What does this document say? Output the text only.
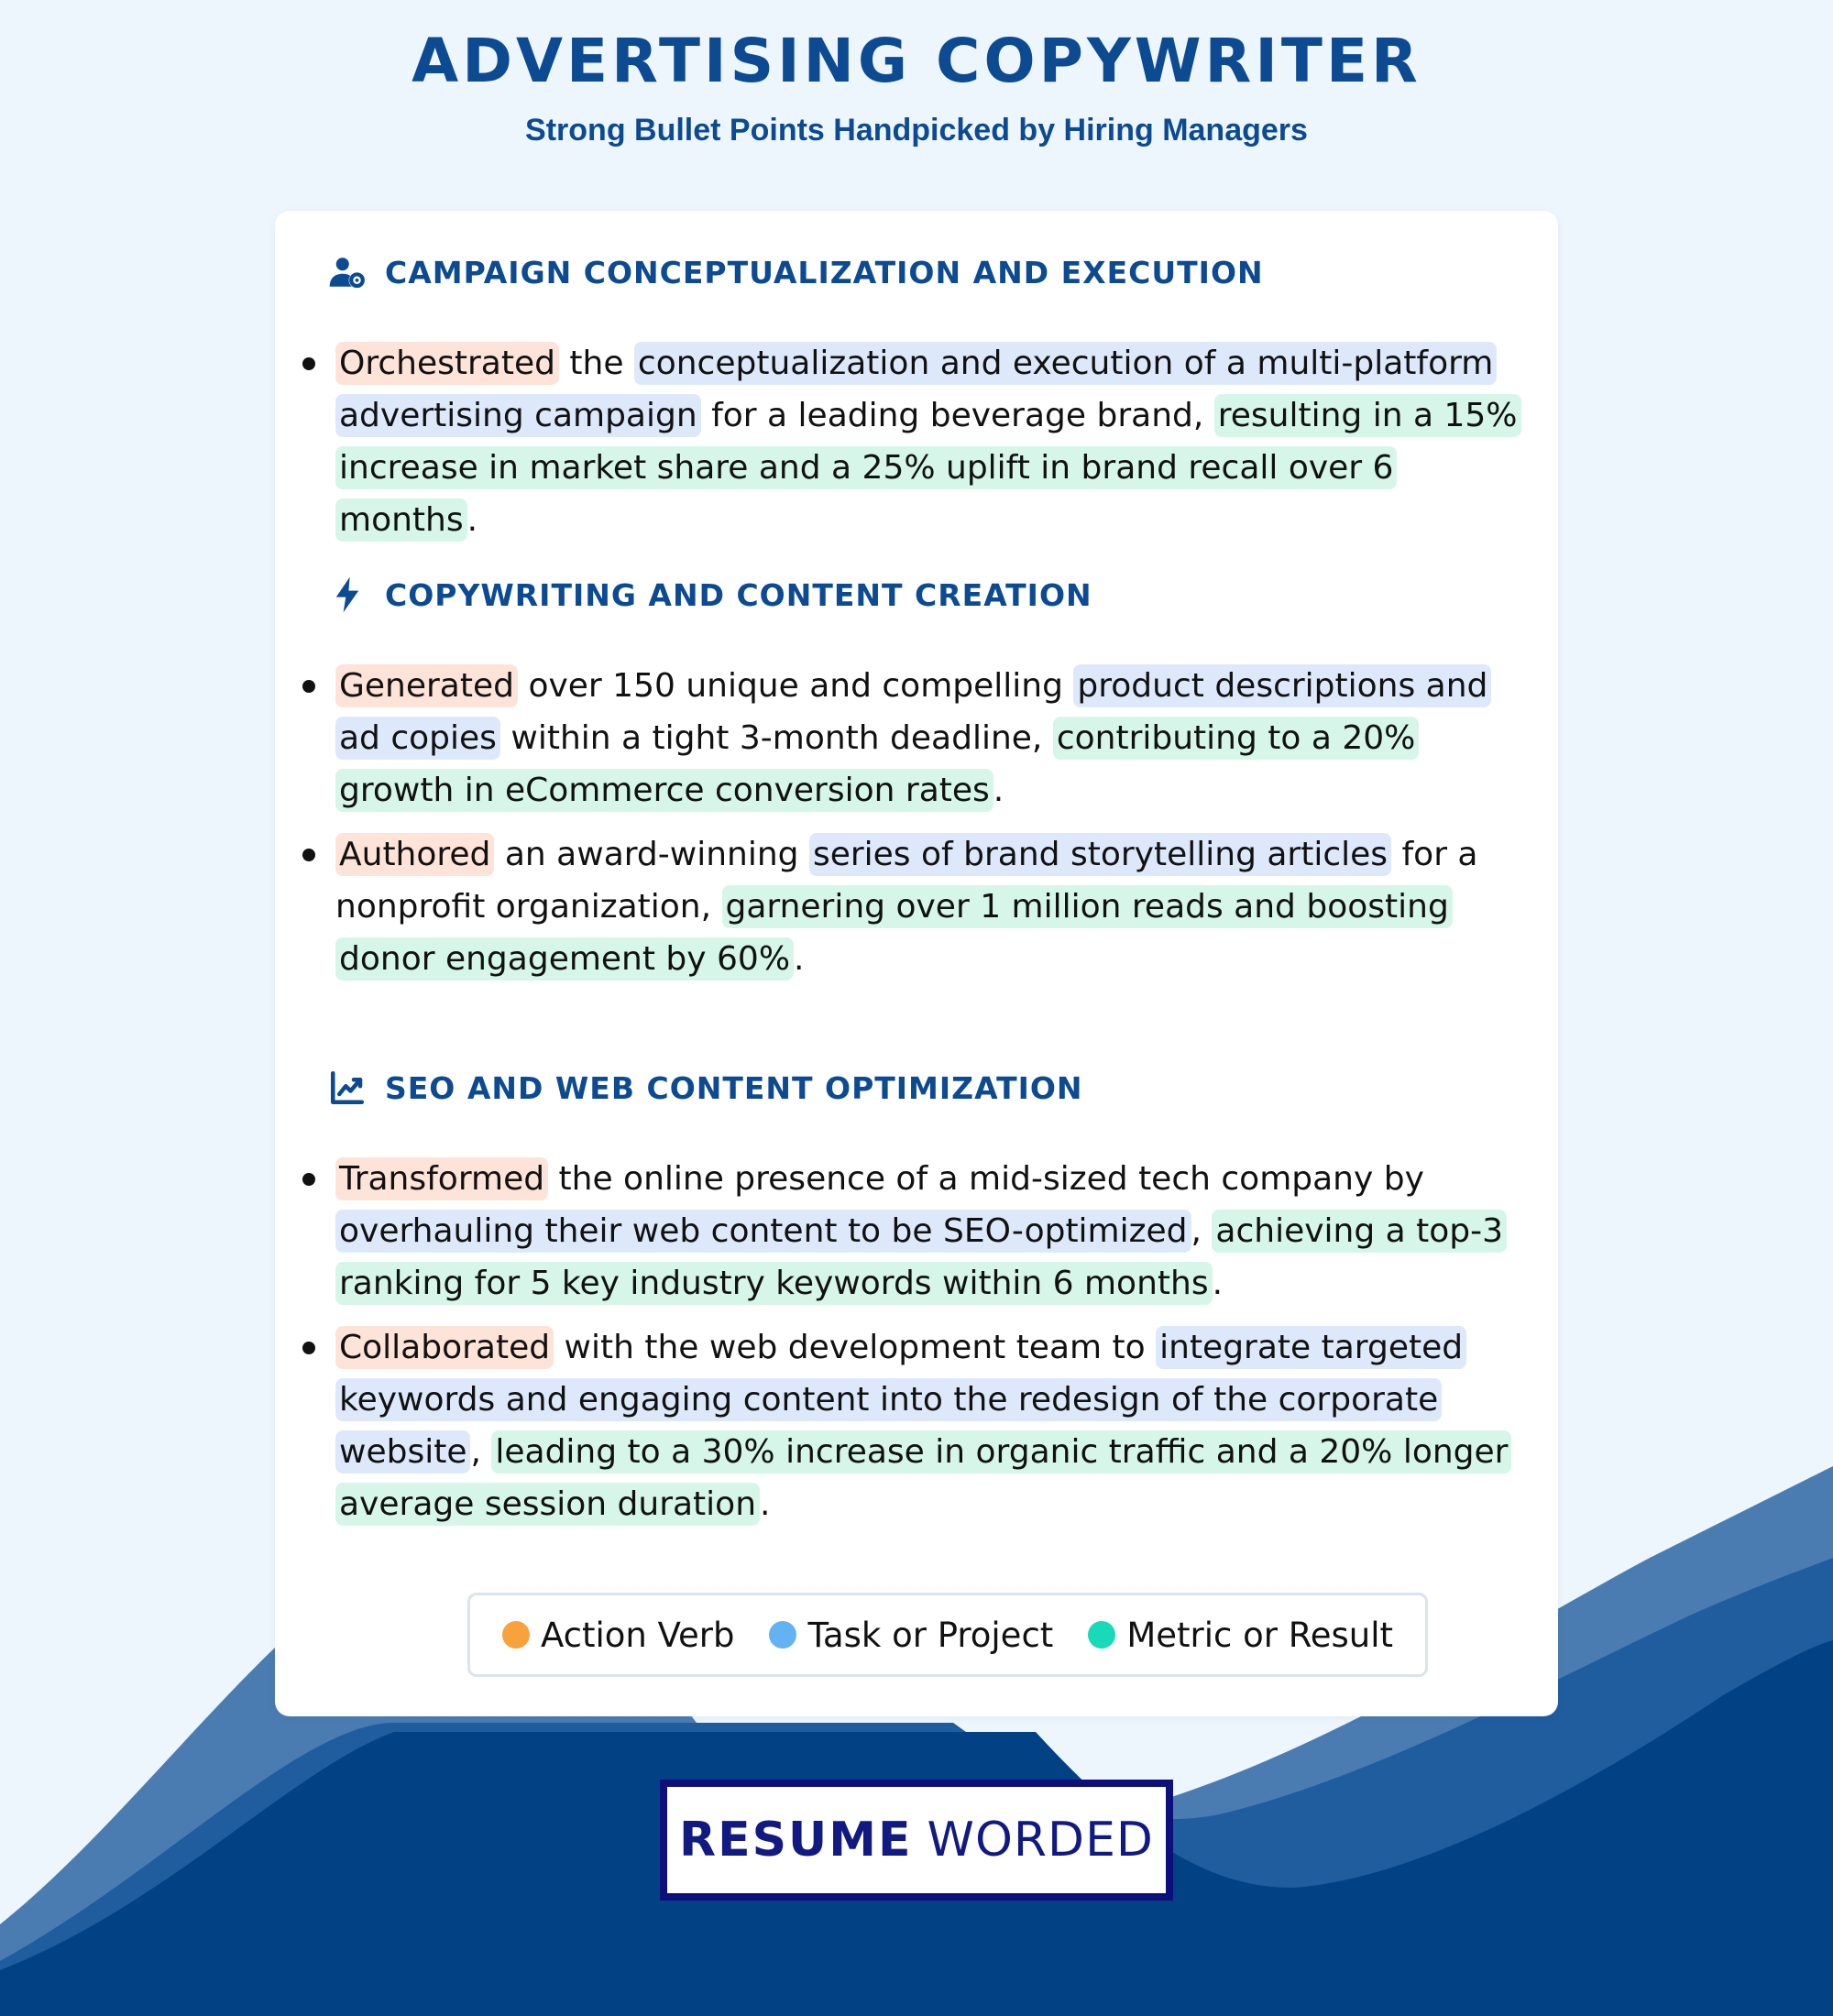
ADVERTISING COPYWRITER
Strong Bullet Points Handpicked by Hiring Managers
CAMPAIGN CONCEPTUALIZATION AND EXECUTION
Orchestrated the conceptualization and execution of a multi-platform advertising campaign for a leading beverage brand, resulting in a 15% increase in market share and a 25% uplift in brand recall over 6 months .
COPYWRITING AND CONTENT CREATION
Generated over 150 unique and compelling product descriptions and ad copies within a tight 3-month deadline, contributing to a 20% growth in eCommerce conversion rates .
Authored an award-winning series of brand storytelling articles for a nonprofit organization, garnering over 1 million reads and boosting donor engagement by 60% .
SEO AND WEB CONTENT OPTIMIZATION
Transformed the online presence of a mid-sized tech company by overhauling their web content to be SEO-optimized , achieving a top-3 ranking for 5 key industry keywords within 6 months .
Collaborated with the web development team to integrate targeted keywords and engaging content into the redesign of the corporate website , leading to a 30% increase in organic traffic and a 20% longer average session duration .
Action Verb Task or Project Metric or Result
RESUME WORDED
